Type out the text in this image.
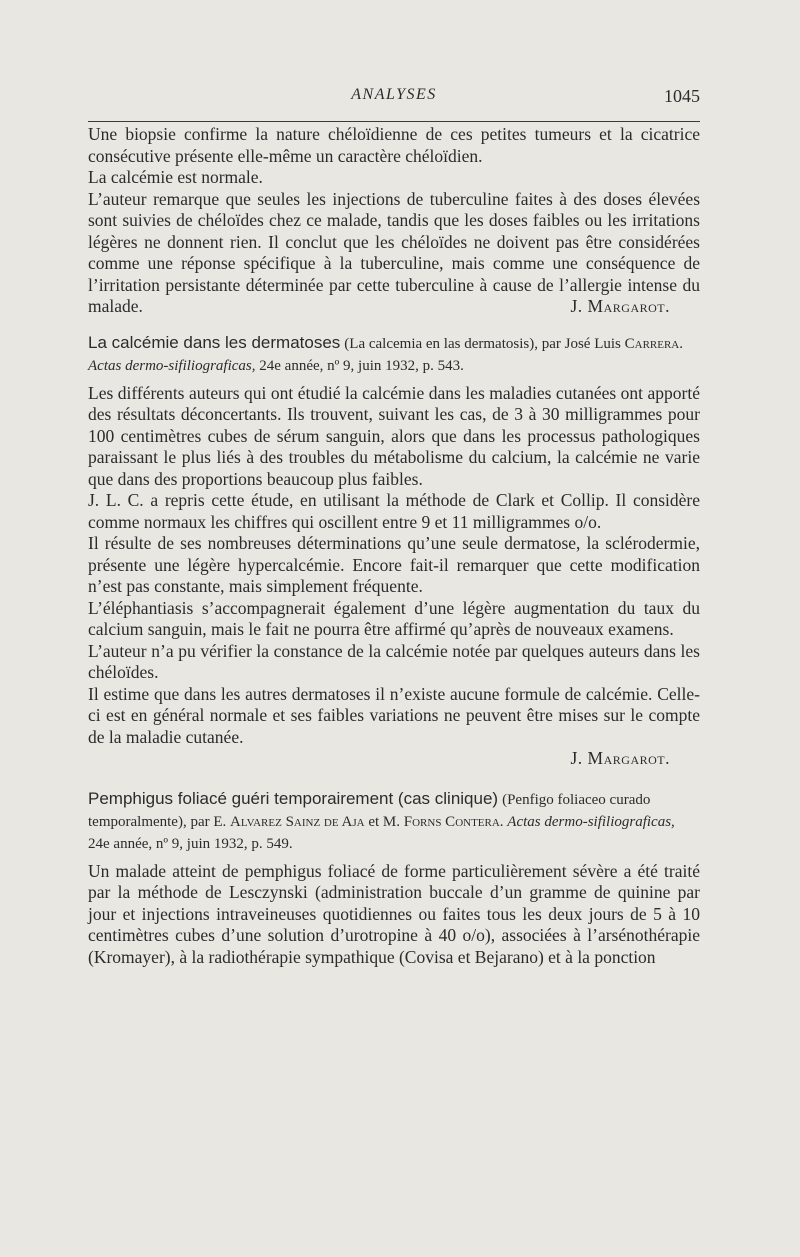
ANALYSES	1045

Une biopsie confirme la nature chéloïdienne de ces petites tumeurs et la cicatrice consécutive présente elle-même un caractère chéloïdien.

La calcémie est normale.

L’auteur remarque que seules les injections de tuberculine faites à des doses élevées sont suivies de chéloïdes chez ce malade, tandis que les doses faibles ou les irritations légères ne donnent rien. Il conclut que les chéloïdes ne doivent pas être considérées comme une réponse spécifique à la tuberculine, mais comme une conséquence de l’irritation persistante déterminée par cette tuberculine à cause de l’allergie intense du malade.	J. Margarot.

La calcémie dans les dermatoses (La calcemia en las dermatosis), par José Luis Carrera. Actas dermo-sifiliograficas, 24e année, nº 9, juin 1932, p. 543.

Les différents auteurs qui ont étudié la calcémie dans les maladies cutanées ont apporté des résultats déconcertants. Ils trouvent, suivant les cas, de 3 à 30 milligrammes pour 100 centimètres cubes de sérum sanguin, alors que dans les processus pathologiques paraissant le plus liés à des troubles du métabolisme du calcium, la calcémie ne varie que dans des proportions beaucoup plus faibles.

J. L. C. a repris cette étude, en utilisant la méthode de Clark et Collip. Il considère comme normaux les chiffres qui oscillent entre 9 et 11 milligrammes o/o.

Il résulte de ses nombreuses déterminations qu’une seule dermatose, la sclérodermie, présente une légère hypercalcémie. Encore fait-il remarquer que cette modification n’est pas constante, mais simplement fréquente.

L’éléphantiasis s’accompagnerait également d’une légère augmentation du taux du calcium sanguin, mais le fait ne pourra être affirmé qu’après de nouveaux examens.

L’auteur n’a pu vérifier la constance de la calcémie notée par quelques auteurs dans les chéloïdes.

Il estime que dans les autres dermatoses il n’existe aucune formule de calcémie. Celle-ci est en général normale et ses faibles variations ne peuvent être mises sur le compte de la maladie cutanée.

J. Margarot.

Pemphigus foliacé guéri temporairement (cas clinique) (Penfigo foliaceo curado temporalmente), par E. Alvarez Sainz de Aja et M. Forns Contera. Actas dermo-sifiliograficas, 24e année, nº 9, juin 1932, p. 549.

Un malade atteint de pemphigus foliacé de forme particulièrement sévère a été traité par la méthode de Lesczynski (administration buccale d’un gramme de quinine par jour et injections intraveineuses quotidiennes ou faites tous les deux jours de 5 à 10 centimètres cubes d’une solution d’urotropine à 40 o/o), associées à l’arsénothérapie (Kromayer), à la radiothérapie sympathique (Covisa et Bejarano) et à la ponction
